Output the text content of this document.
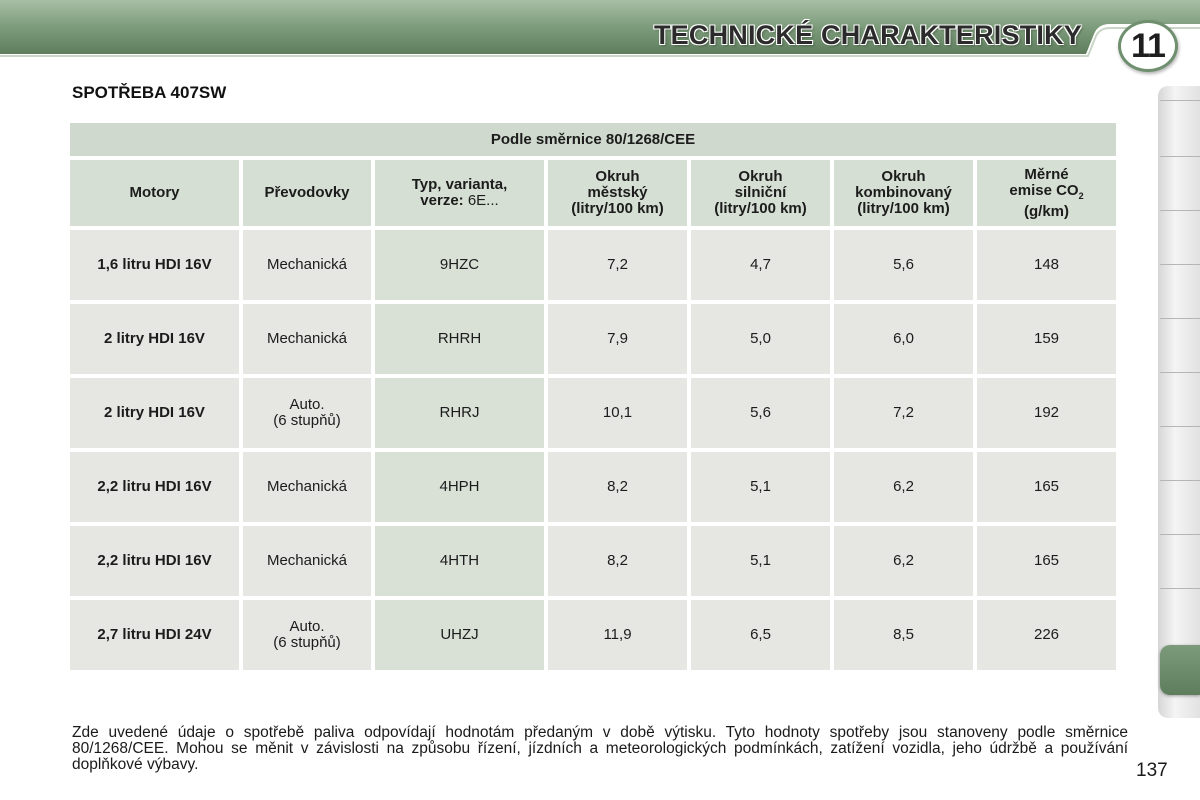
TECHNICKÉ CHARAKTERISTIKY 11
SPOTŘEBA 407SW
Podle směrnice 80/1268/CEE						
Motory	Převodovky	Typ, varianta,
verze: 6E...	Okruh
městský
(litry/100 km)	Okruh
silniční
(litry/100 km)	Okruh
kombinovaný
(litry/100 km)	Měrné
emise $CO_2$
(g/km)
1,6 litru HDI 16V	Mechanická	9HZC	7,2	4,7	5,6	148
2 litry HDI 16V	Mechanická	RHRH	7,9	5,0	6,0	159
2 litry HDI 16V	Auto.
(6 stupňů)	RHRJ	10,1	5,6	7,2	192
2,2 litru HDI 16V	Mechanická	4HPH	8,2	5,1	6,2	165
2,2 litru HDI 16V	Mechanická	4HTH	8,2	5,1	6,2	165
2,7 litru HDI 24V	Auto.
(6 stupňů)	UHZJ	11,9	6,5	8,5	226

Zde uvedené údaje o spotřebě paliva odpovídají hodnotám předaným v době výtisku. Tyto hodnoty spotřeby jsou stanoveny podle směrnice 80/1268/CEE. Mohou se měnit v závislosti na způsobu řízení, jízdních a meteorologických podmínkách, zatížení vozidla, jeho údržbě a používání doplňkové výbavy.	137
